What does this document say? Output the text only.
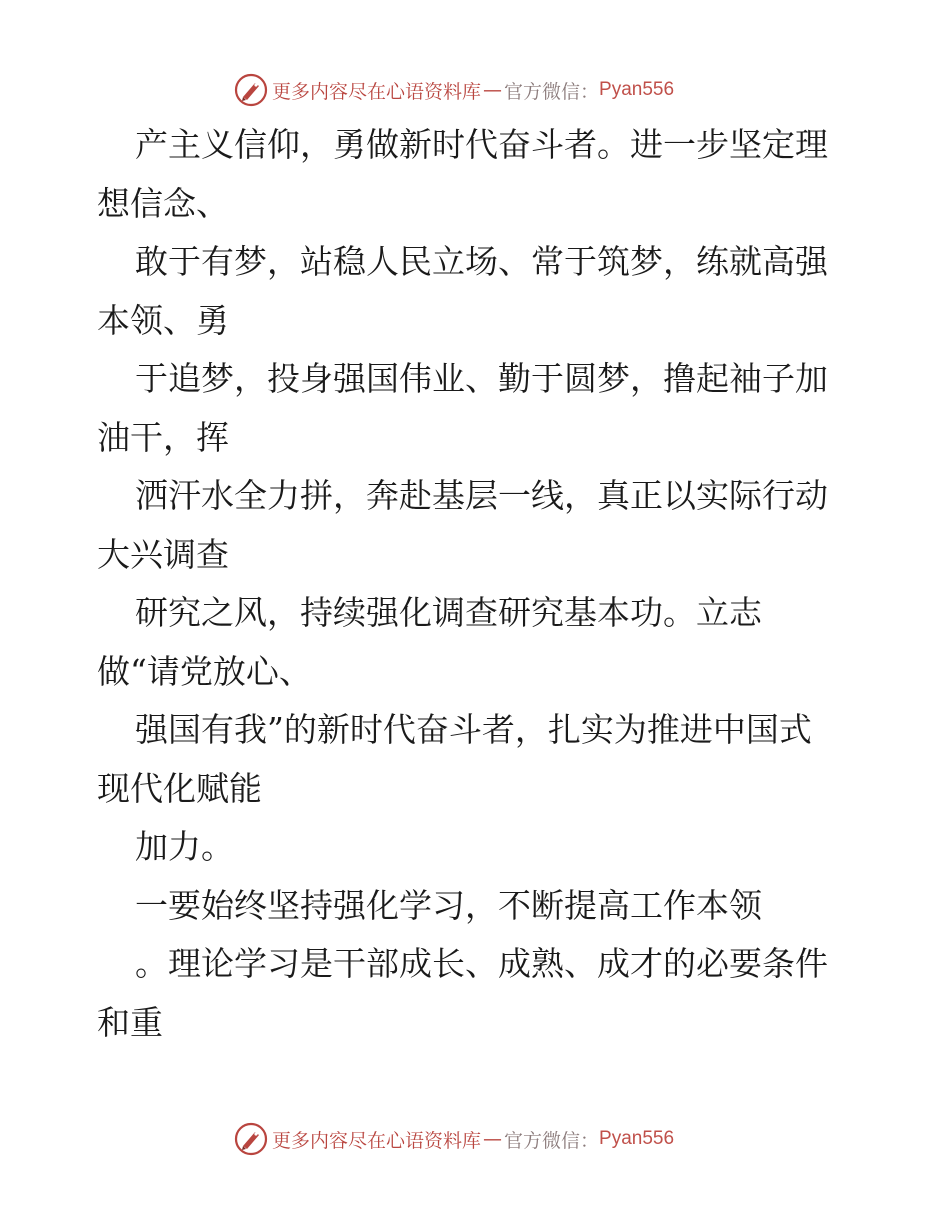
更多内容尽在心语资料库 — 官方微信： Pyan556
产主义信仰，勇做新时代奋斗者。进一步坚定理
想信念、
敢于有梦，站稳人民立场、常于筑梦，练就高强
本领、勇
于追梦，投身强国伟业、勤于圆梦，撸起袖子加
油干，挥
洒汗水全力拼，奔赴基层一线，真正以实际行动
大兴调查
研究之风，持续强化调查研究基本功。立志
做“请党放心、
强国有我”的新时代奋斗者，扎实为推进中国式
现代化赋能
加力。
一要始终坚持强化学习，不断提高工作本领
。理论学习是干部成长、成熟、成才的必要条件
和重
更多内容尽在心语资料库 — 官方微信： Pyan556
